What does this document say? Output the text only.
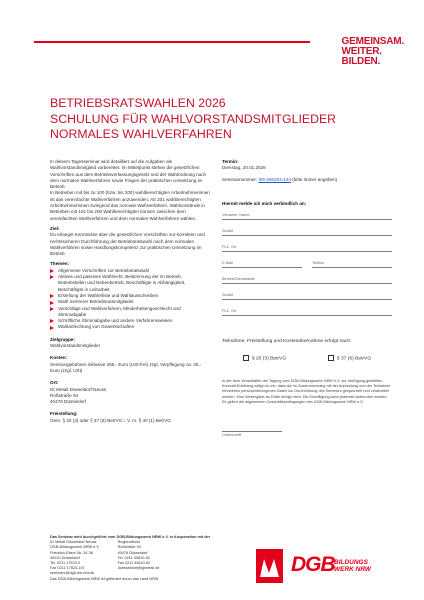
GEMEINSAM.
WEITER.
BILDEN.
BETRIEBSRATSWAHLEN 2026
SCHULUNG FÜR WAHLVORSTANDSMITGLIEDER
NORMALES WAHLVERFAHREN
In diesem Tagesseminar wird detailliert auf die Aufgaben als Wahlvorstandsmitglied vorbereitet. Im Mittelpunkt stehen die gesetzlichen Vorschriften aus dem Betriebsverfassungsgesetz und der Wahlordnung nach dem normalen Wahlverfahren sowie Fragen der praktischen Umsetzung im Betrieb.
In Betrieben mit bis zu 100 (bzw. bis 200) wahlberechtigten Arbeitnehmerinnen ist das vereinfachte Wahlverfahren anzuwenden. Ab 201 wahlberechtigten Arbeitnehmerinnen zwingend das normale Wahlverfahren. Wahlvorstände in Betrieben mit 101 bis 200 Wahlberechtigten können zwischen dem vereinfachten Wahlverfahren und dem normalen Wahlverfahren wählen.
Ziel:
Du erlangst Kenntnisse über die gesetzlichen Vorschriften zur korrekten und rechtssicheren Durchführung der Betriebsratswahl nach dem normalen Wahlverfahren sowie Handlungskompetenz zur praktischen Umsetzung im Betrieb.
Themen:
Allgemeine Vorschriften zur Betriebsratswahl
Aktives und passives Wahlrecht, Bestimmung der im Betrieb, Betriebsteilen und Nebenbetrieb, Beschäftigte in Abhängigkeit, Beschäftigte in Leiharbeit
Erstellung der Wählerliste und Wahlausschreiben
Wahl mehrerer Betriebsratsmitglieder
Vorschläge und Wahlverfahren, Minderheitengeschlecht und Stimmabgabe
Schriftliche Stimmabgabe und andere Verfahrensweisen
Wahlanfechtung von Gewerkschaften
Zielgruppe:
Wahlvorstandsmitglieder
Kosten:
Seminargebühren inklusive 265,- Euro (USt-frei) zzgl. Verpflegung ca. 45,- Euro (zzgl. USt)
Ort:
IG Metall Düsseldorf-Neuss
Roßstraße 94
40476 Düsseldorf
Freistellung:
Gem. § 20 (3) oder § 37 (6) BetrVG i. V. m. § 40 (1) BetrVG
Termin:
Dienstag, 20.01.2026
Seminarnummer: I06-260204-124 (bitte immer angeben)
Hiermit melde ich mich verbindlich an:
Vorname, Name
Straße
PLZ, Ort
E-Mail	Telefon
Betrieb/Dienststelle
Straße
PLZ, Ort
Teilnahme, Freistellung und Kostenübernahme erfolgt nach:
§ 20 (3) BetrVG	§ 37 (6) BetrVG
In der dem Veranstalter der Tagung vom DGB-Bildungswerk NRW e.V. zur Verfügung gestellten Kurzzeit-Erklärung willigt ich ein, dass die im Zusammenhang mit der Anmeldung und der Teilnahme erhobenen personenbezogenen Daten zur Durchführung des Seminars gespeichert und verarbeitet werden. Eine Weitergabe an Dritte erfolgt nicht. Die Einwilligung kann jederzeit widerrufen werden.
Es gelten die allgemeinen Geschäftsbedingungen des DGB-Bildungswerk NRW e.V.
Unterschrift
Das Seminar wird durchgeführt vom DGB-Bildungswerk NRW e.V. in Kooperation mit der
IG Metall Düsseldorf-Neuss
DGB-Bildungswerk NRW e.V.
Friedrich-Ebert-Str. 34-38
40210 Düsseldorf
Tel. 0211 17523-0
Fax 0211 17523-197
seminare@dgb-bw-nrw.de
Regionalbüro
Roßstraße 94
40476 Düsseldorf
Tel. 0211 43610-30
Fax 0211 43610-50
duesseldorf@igmetall.de
Das DGB-Bildungswerk NRW ist gefördert durch das Land NRW
DGB BILDUNGS
WERK NRW
